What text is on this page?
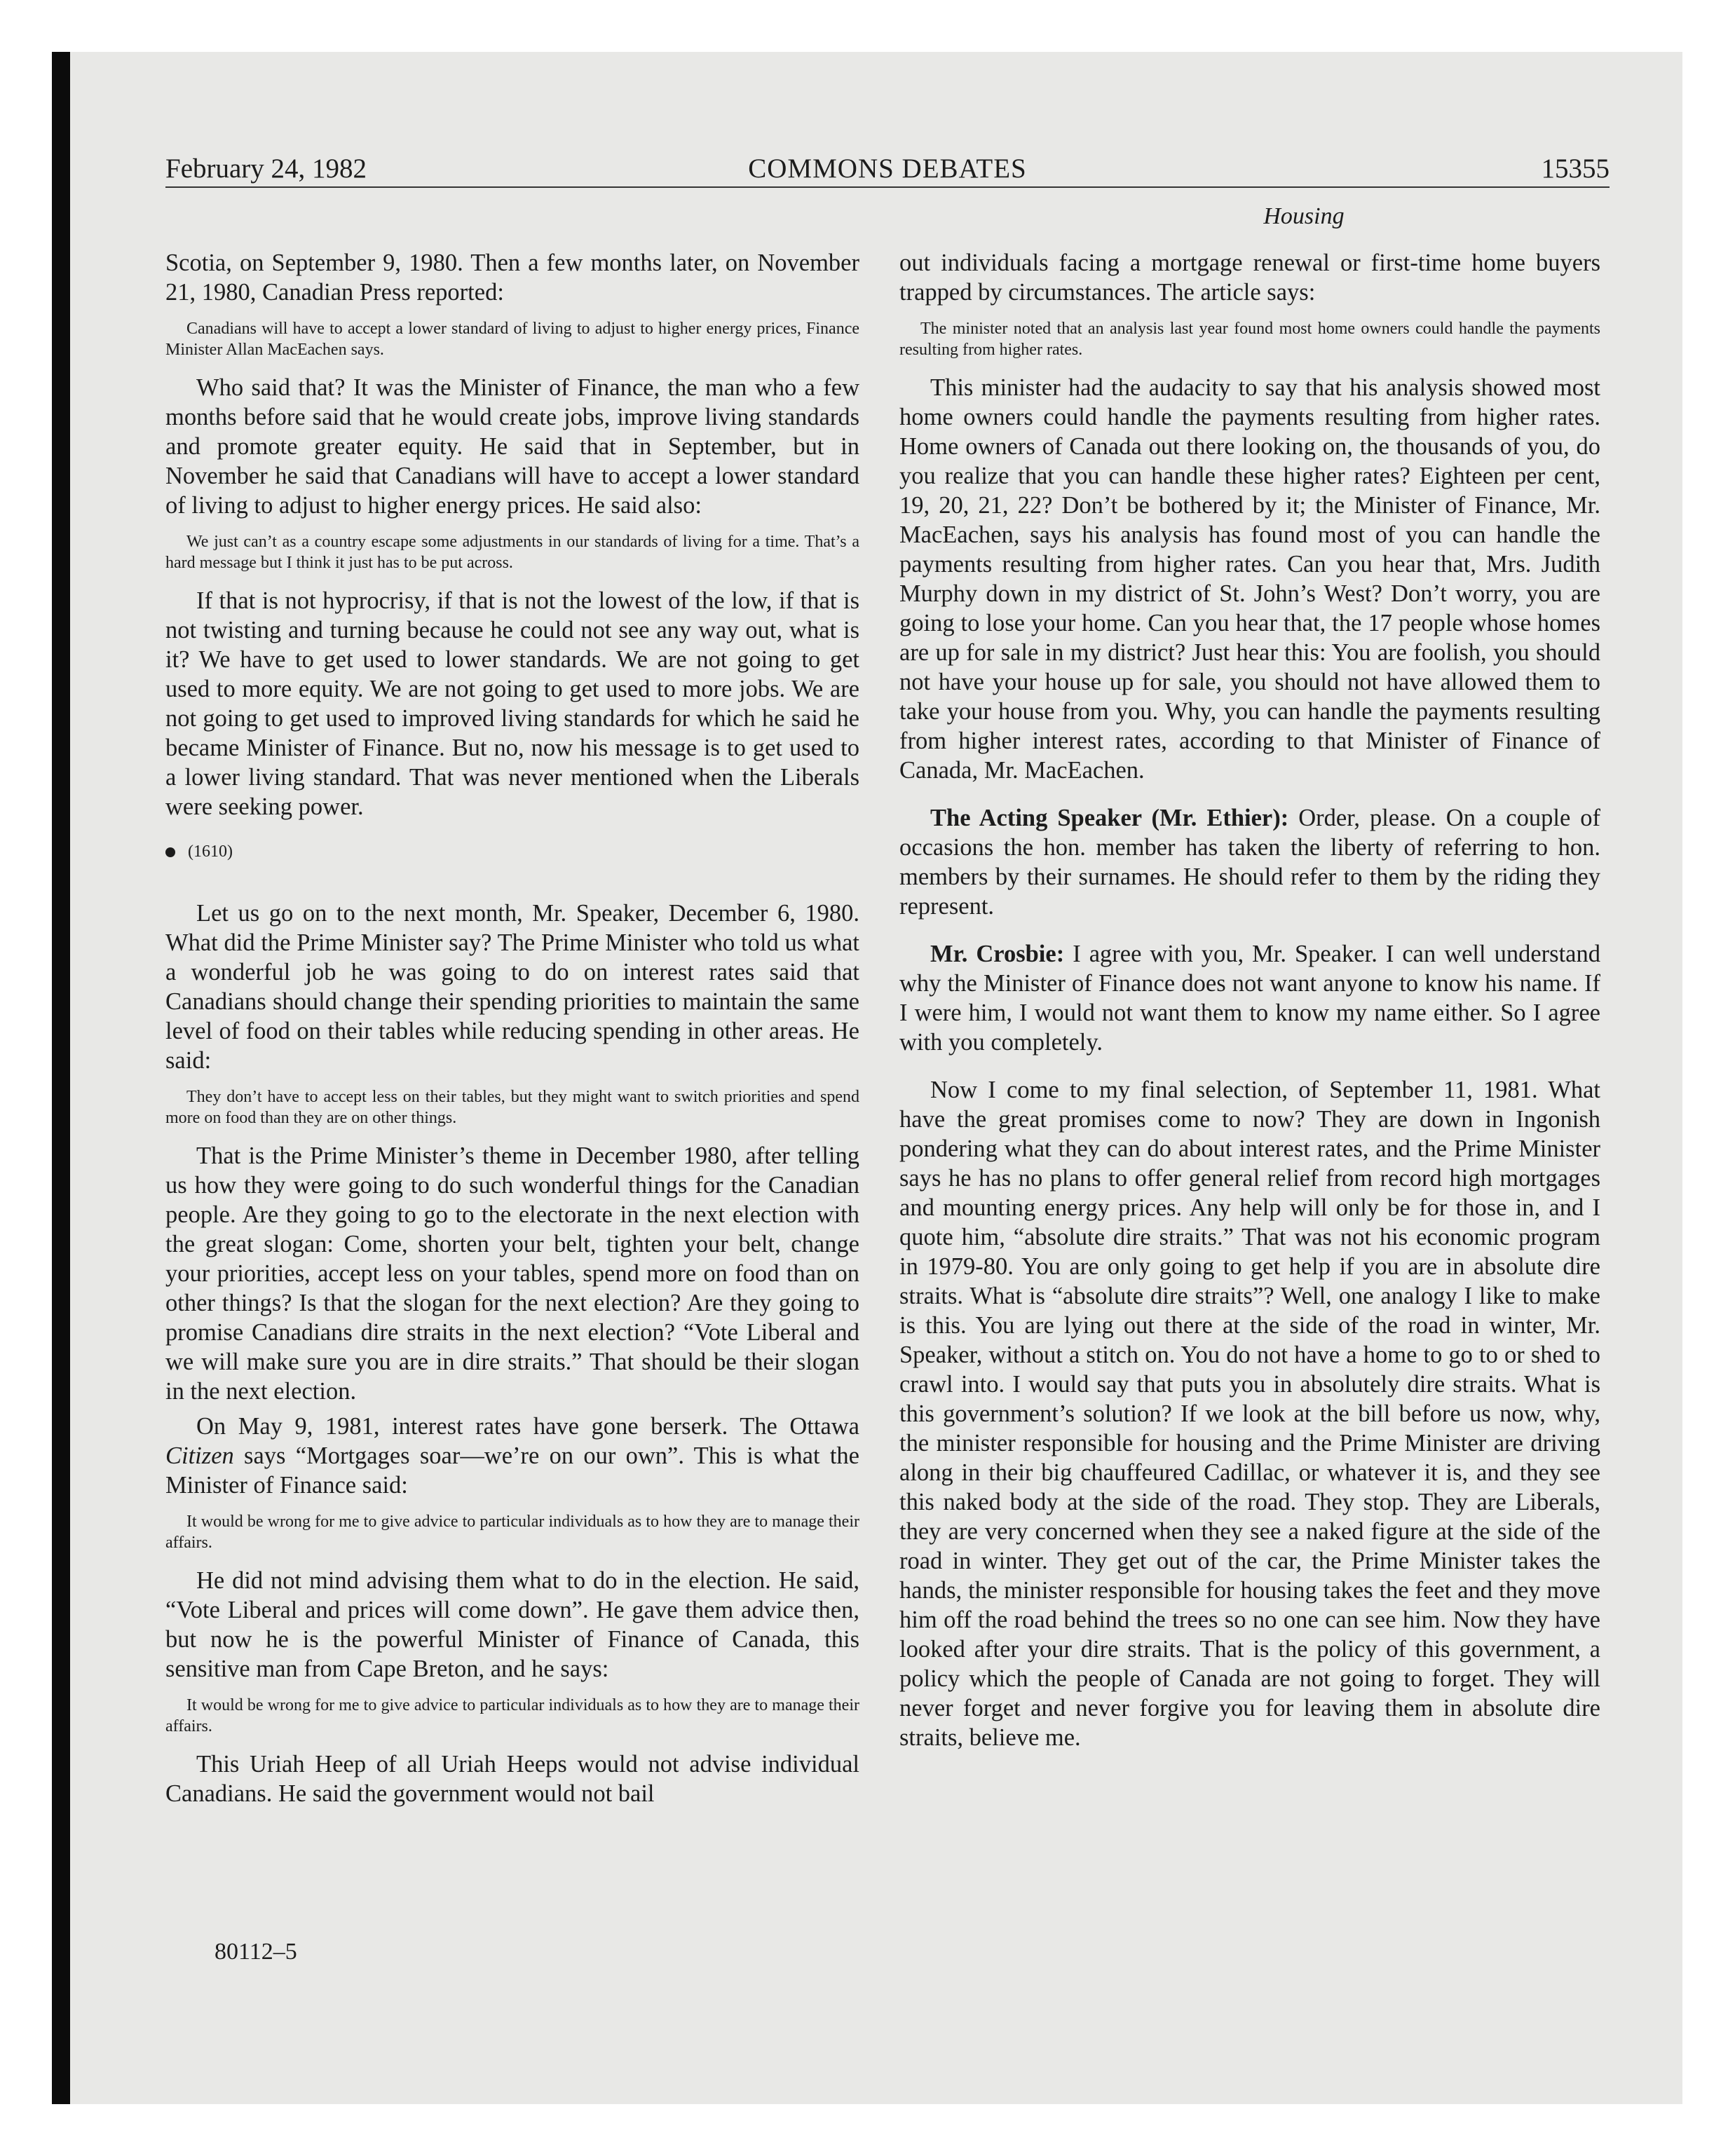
February 24, 1982	COMMONS DEBATES	15355
Housing

Scotia, on September 9, 1980. Then a few months later, on November 21, 1980, Canadian Press reported:

Canadians will have to accept a lower standard of living to adjust to higher energy prices, Finance Minister Allan MacEachen says.

Who said that? It was the Minister of Finance, the man who a few months before said that he would create jobs, improve living standards and promote greater equity. He said that in September, but in November he said that Canadians will have to accept a lower standard of living to adjust to higher energy prices. He said also:

We just can’t as a country escape some adjustments in our standards of living for a time. That’s a hard message but I think it just has to be put across.

If that is not hyprocrisy, if that is not the lowest of the low, if that is not twisting and turning because he could not see any way out, what is it? We have to get used to lower standards. We are not going to get used to more equity. We are not going to get used to more jobs. We are not going to get used to improved living standards for which he said he became Minister of Finance. But no, now his message is to get used to a lower living standard. That was never mentioned when the Liberals were seeking power.

(1610)

Let us go on to the next month, Mr. Speaker, December 6, 1980. What did the Prime Minister say? The Prime Minister who told us what a wonderful job he was going to do on interest rates said that Canadians should change their spending priorities to maintain the same level of food on their tables while reducing spending in other areas. He said:

They don’t have to accept less on their tables, but they might want to switch priorities and spend more on food than they are on other things.

That is the Prime Minister’s theme in December 1980, after telling us how they were going to do such wonderful things for the Canadian people. Are they going to go to the electorate in the next election with the great slogan: Come, shorten your belt, tighten your belt, change your priorities, accept less on your tables, spend more on food than on other things? Is that the slogan for the next election? Are they going to promise Canadians dire straits in the next election? “Vote Liberal and we will make sure you are in dire straits.” That should be their slogan in the next election.

On May 9, 1981, interest rates have gone berserk. The Ottawa Citizen says “Mortgages soar—we’re on our own”. This is what the Minister of Finance said:

It would be wrong for me to give advice to particular individuals as to how they are to manage their affairs.

He did not mind advising them what to do in the election. He said, “Vote Liberal and prices will come down”. He gave them advice then, but now he is the powerful Minister of Finance of Canada, this sensitive man from Cape Breton, and he says:

It would be wrong for me to give advice to particular individuals as to how they are to manage their affairs.

This Uriah Heep of all Uriah Heeps would not advise individual Canadians. He said the government would not bail

out individuals facing a mortgage renewal or first-time home buyers trapped by circumstances. The article says:

The minister noted that an analysis last year found most home owners could handle the payments resulting from higher rates.

This minister had the audacity to say that his analysis showed most home owners could handle the payments resulting from higher rates. Home owners of Canada out there looking on, the thousands of you, do you realize that you can handle these higher rates? Eighteen per cent, 19, 20, 21, 22? Don’t be bothered by it; the Minister of Finance, Mr. MacEachen, says his analysis has found most of you can handle the payments resulting from higher rates. Can you hear that, Mrs. Judith Murphy down in my district of St. John’s West? Don’t worry, you are going to lose your home. Can you hear that, the 17 people whose homes are up for sale in my district? Just hear this: You are foolish, you should not have your house up for sale, you should not have allowed them to take your house from you. Why, you can handle the payments resulting from higher interest rates, according to that Minister of Finance of Canada, Mr. MacEachen.

The Acting Speaker (Mr. Ethier): Order, please. On a couple of occasions the hon. member has taken the liberty of referring to hon. members by their surnames. He should refer to them by the riding they represent.

Mr. Crosbie: I agree with you, Mr. Speaker. I can well understand why the Minister of Finance does not want anyone to know his name. If I were him, I would not want them to know my name either. So I agree with you completely.

Now I come to my final selection, of September 11, 1981. What have the great promises come to now? They are down in Ingonish pondering what they can do about interest rates, and the Prime Minister says he has no plans to offer general relief from record high mortgages and mounting energy prices. Any help will only be for those in, and I quote him, “absolute dire straits.” That was not his economic program in 1979-80. You are only going to get help if you are in absolute dire straits. What is “absolute dire straits”? Well, one analogy I like to make is this. You are lying out there at the side of the road in winter, Mr. Speaker, without a stitch on. You do not have a home to go to or shed to crawl into. I would say that puts you in absolutely dire straits. What is this government’s solution? If we look at the bill before us now, why, the minister responsible for housing and the Prime Minister are driving along in their big chauffeured Cadillac, or whatever it is, and they see this naked body at the side of the road. They stop. They are Liberals, they are very concerned when they see a naked figure at the side of the road in winter. They get out of the car, the Prime Minister takes the hands, the minister responsible for housing takes the feet and they move him off the road behind the trees so no one can see him. Now they have looked after your dire straits. That is the policy of this government, a policy which the people of Canada are not going to forget. They will never forget and never forgive you for leaving them in absolute dire straits, believe me.

80112–5
